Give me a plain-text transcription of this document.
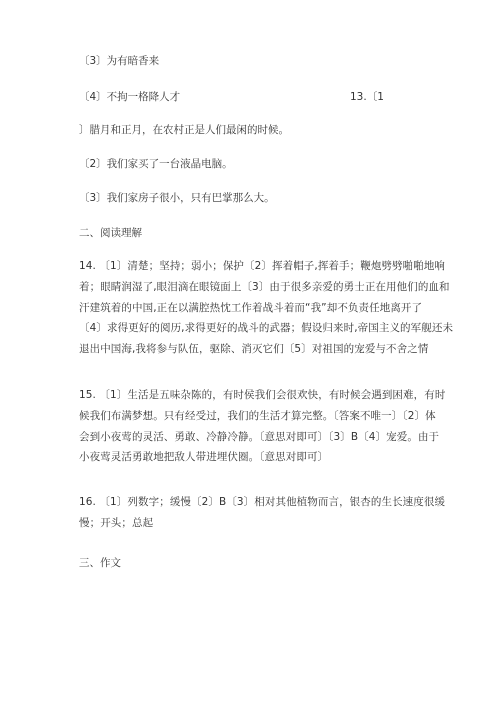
〔3〕为有暗香来
〔4〕不拘一格降人才	13.〔1
〕腊月和正月，在农村正是人们最闲的时候。
〔2〕我们家买了一台液晶电脑。
〔3〕我们家房子很小，只有巴掌那么大。
二、阅读理解
14. 〔1〕清楚；坚持；弱小；保护〔2〕挥着帽子,挥着手；鞭炮劈劈啪啪地响
着；眼睛润湿了,眼泪滴在眼镜面上〔3〕由于很多亲爱的勇士正在用他们的血和
汗建筑着的中国,正在以满腔热忱工作着战斗着而“我”却不负责任地离开了
〔4〕求得更好的阅历,求得更好的战斗的武器；假设归来时,帝国主义的军舰还未
退出中国海,我将参与队伍，驱除、消灭它们〔5〕对祖国的宠爱与不舍之情
15. 〔1〕生活是五味杂陈的，有时侯我们会很欢快，有时候会遇到困难，有时
候我们布满梦想。只有经受过，我们的生活才算完整。〔答案不唯一〕〔2〕体
会到小夜莺的灵活、勇敢、冷静冷静。〔意思对即可〕〔3〕B〔4〕宠爱。由于
小夜莺灵活勇敢地把敌人带进埋伏圈。〔意思对即可〕
16. 〔1〕列数字；缓慢〔2〕B〔3〕相对其他植物而言，银杏的生长速度很缓
慢；开头；总起
三、作文
